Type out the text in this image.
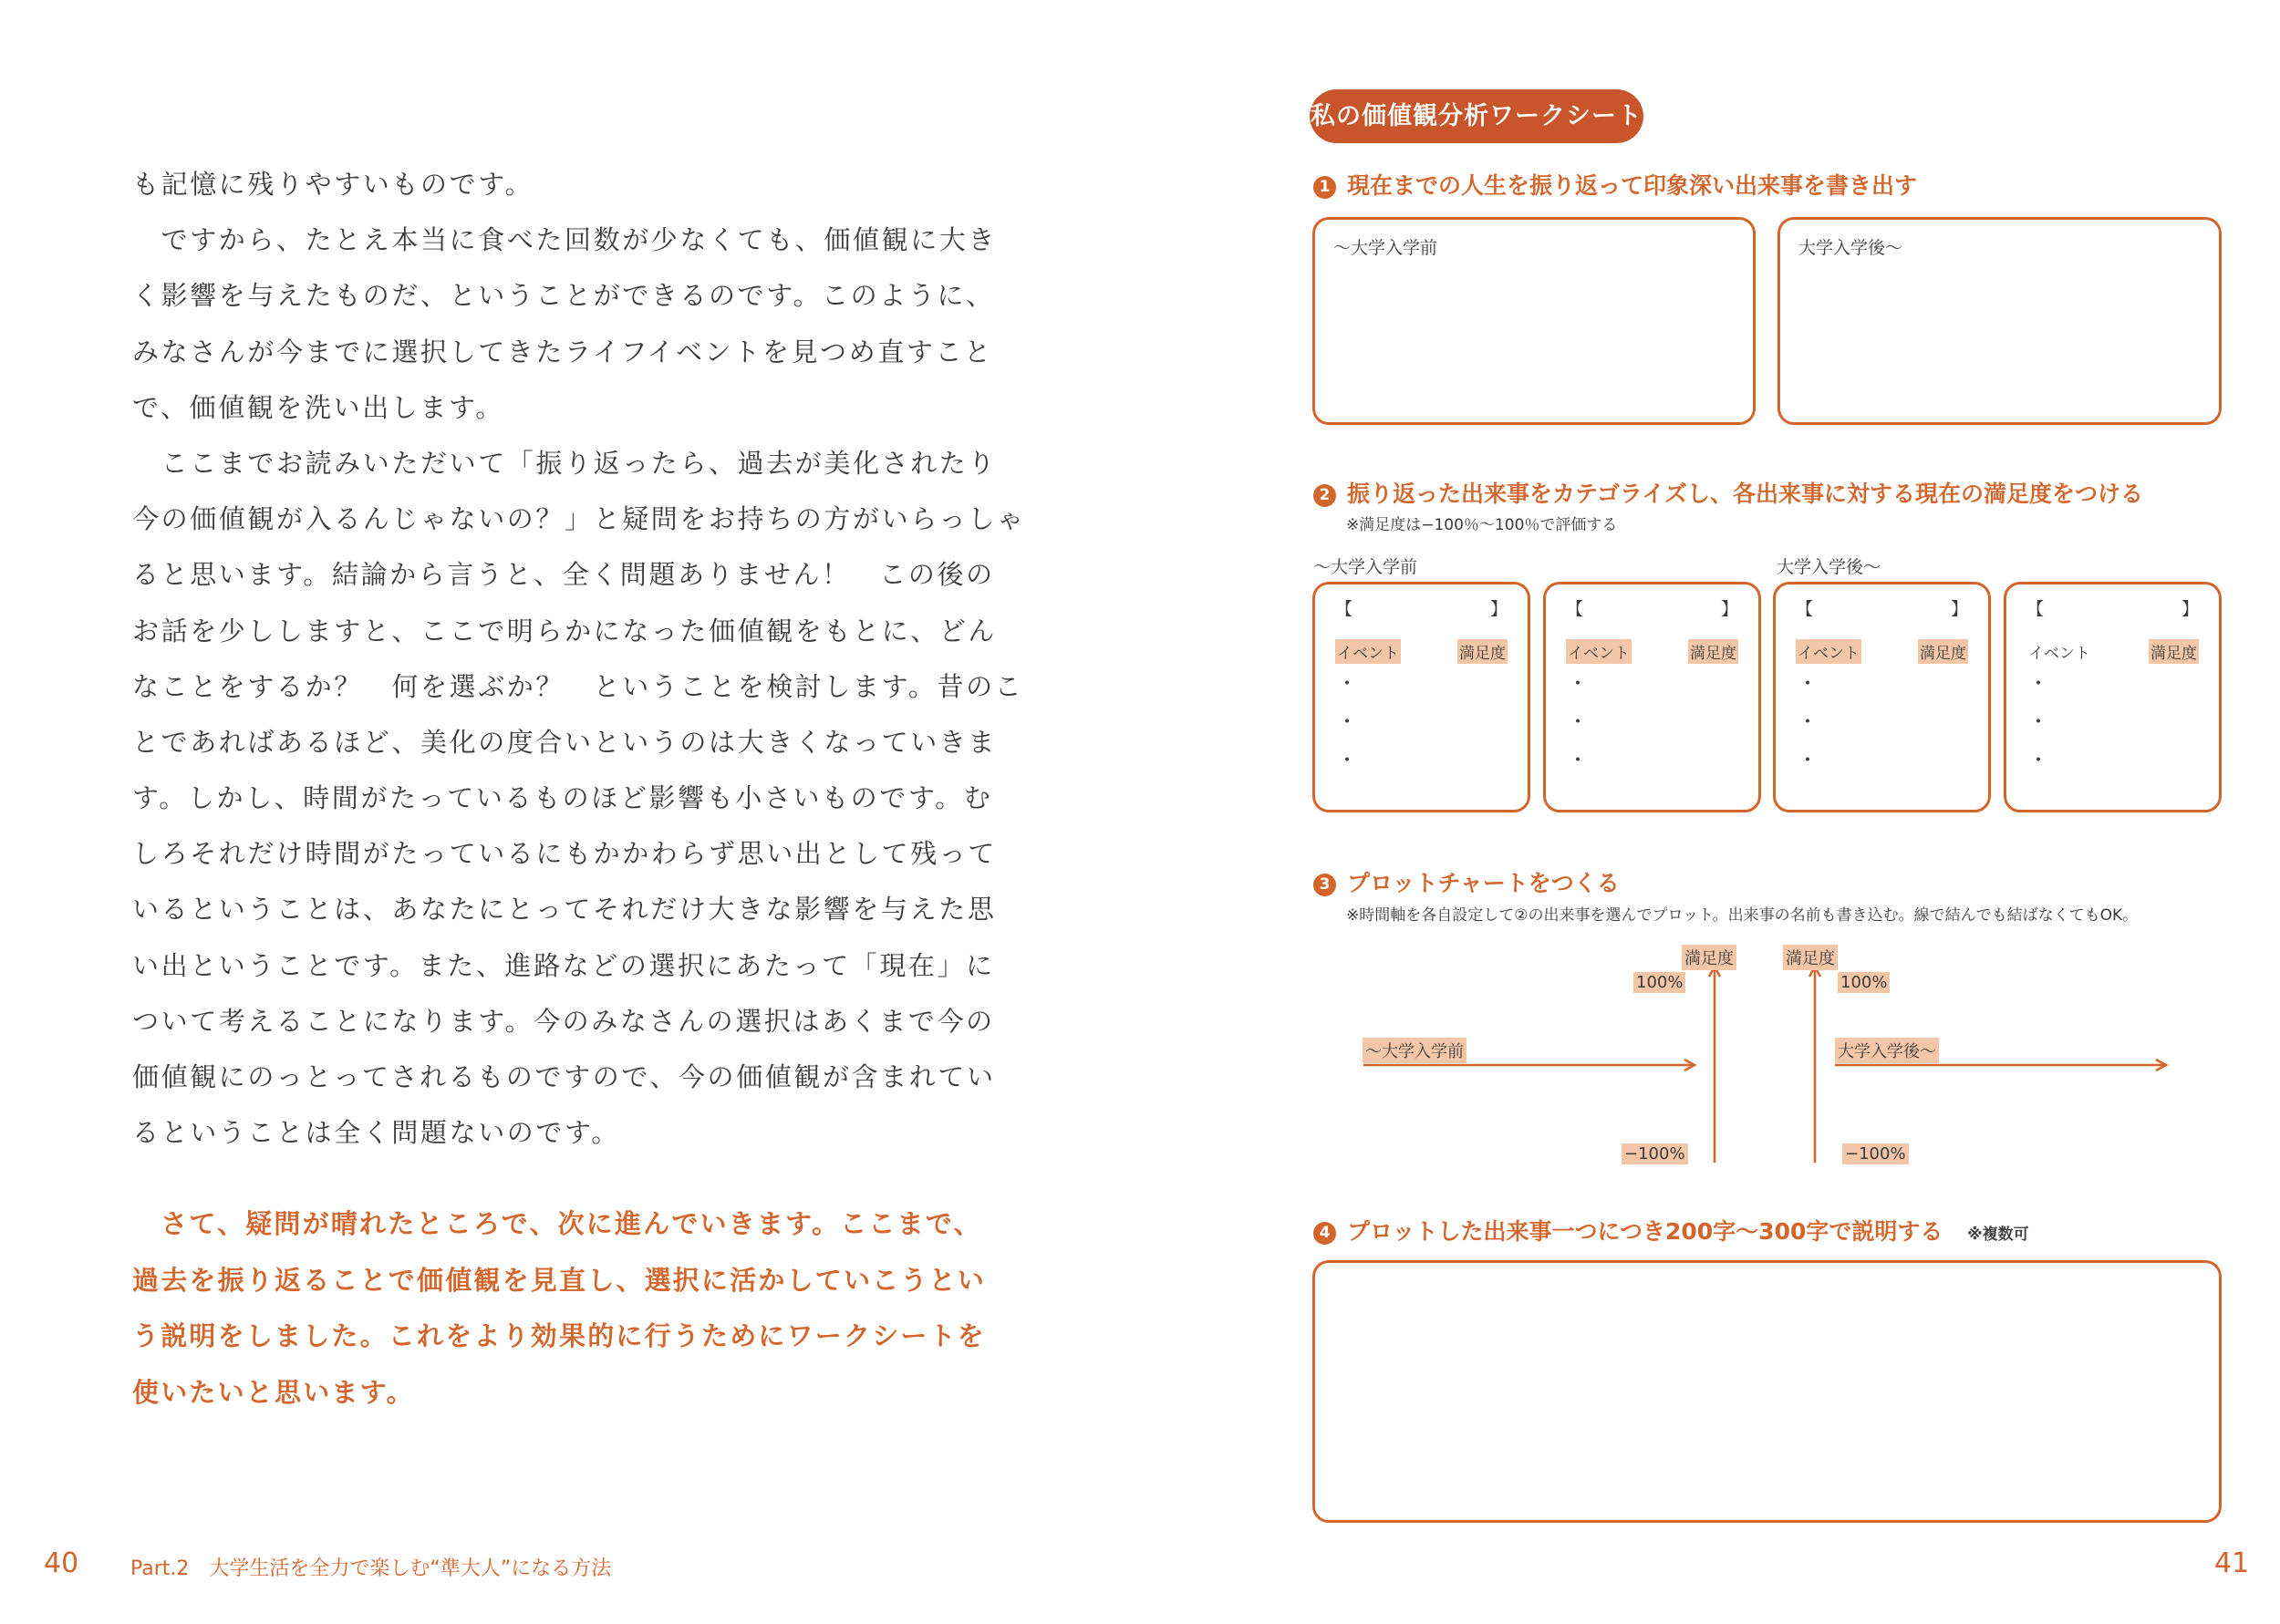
も記憶に残りやすいものです。
　ですから、たとえ本当に食べた回数が少なくても、価値観に大き
く影響を与えたものだ、ということができるのです。このように、
みなさんが今までに選択してきたライフイベントを見つめ直すこと
で、価値観を洗い出します。
　ここまでお読みいただいて「振り返ったら、過去が美化されたり
今の価値観が入るんじゃないの？」と疑問をお持ちの方がいらっしゃ
ると思います。結論から言うと、全く問題ありません！　この後の
お話を少ししますと、ここで明らかになった価値観をもとに、どん
なことをするか？　何を選ぶか？　ということを検討します。昔のこ
とであればあるほど、美化の度合いというのは大きくなっていきま
す。しかし、時間がたっているものほど影響も小さいものです。む
しろそれだけ時間がたっているにもかかわらず思い出として残って
いるということは、あなたにとってそれだけ大きな影響を与えた思
い出ということです。また、進路などの選択にあたって「現在」に
ついて考えることになります。今のみなさんの選択はあくまで今の
価値観にのっとってされるものですので、今の価値観が含まれてい
るということは全く問題ないのです。
　さて、疑問が晴れたところで、次に進んでいきます。ここまで、
過去を振り返ることで価値観を見直し、選択に活かしていこうとい
う説明をしました。これをより効果的に行うためにワークシートを
使いたいと思います。
40	Part.2　大学生活を全力で楽しむ“準大人”になる方法
私の価値観分析ワークシート
1 現在までの人生を振り返って印象深い出来事を書き出す
～大学入学前	大学入学後～
2 振り返った出来事をカテゴライズし、各出来事に対する現在の満足度をつける
※満足度は−100％～100％で評価する
～大学入学前	大学入学後～
【	】
イベント	満足度
・
・
・
【	】
イベント	満足度
・
・
・
【	】
イベント	満足度
・
・
・
【	】
イベント	満足度
・
・
・
3 プロットチャートをつくる
※時間軸を各自設定して②の出来事を選んでプロット。出来事の名前も書き込む。線で結んでも結ばなくてもOK。
満足度	満足度
100%	100%
～大学入学前	大学入学後～
−100%	−100%
4 プロットした出来事一つにつき200字～300字で説明する ※複数可
41
